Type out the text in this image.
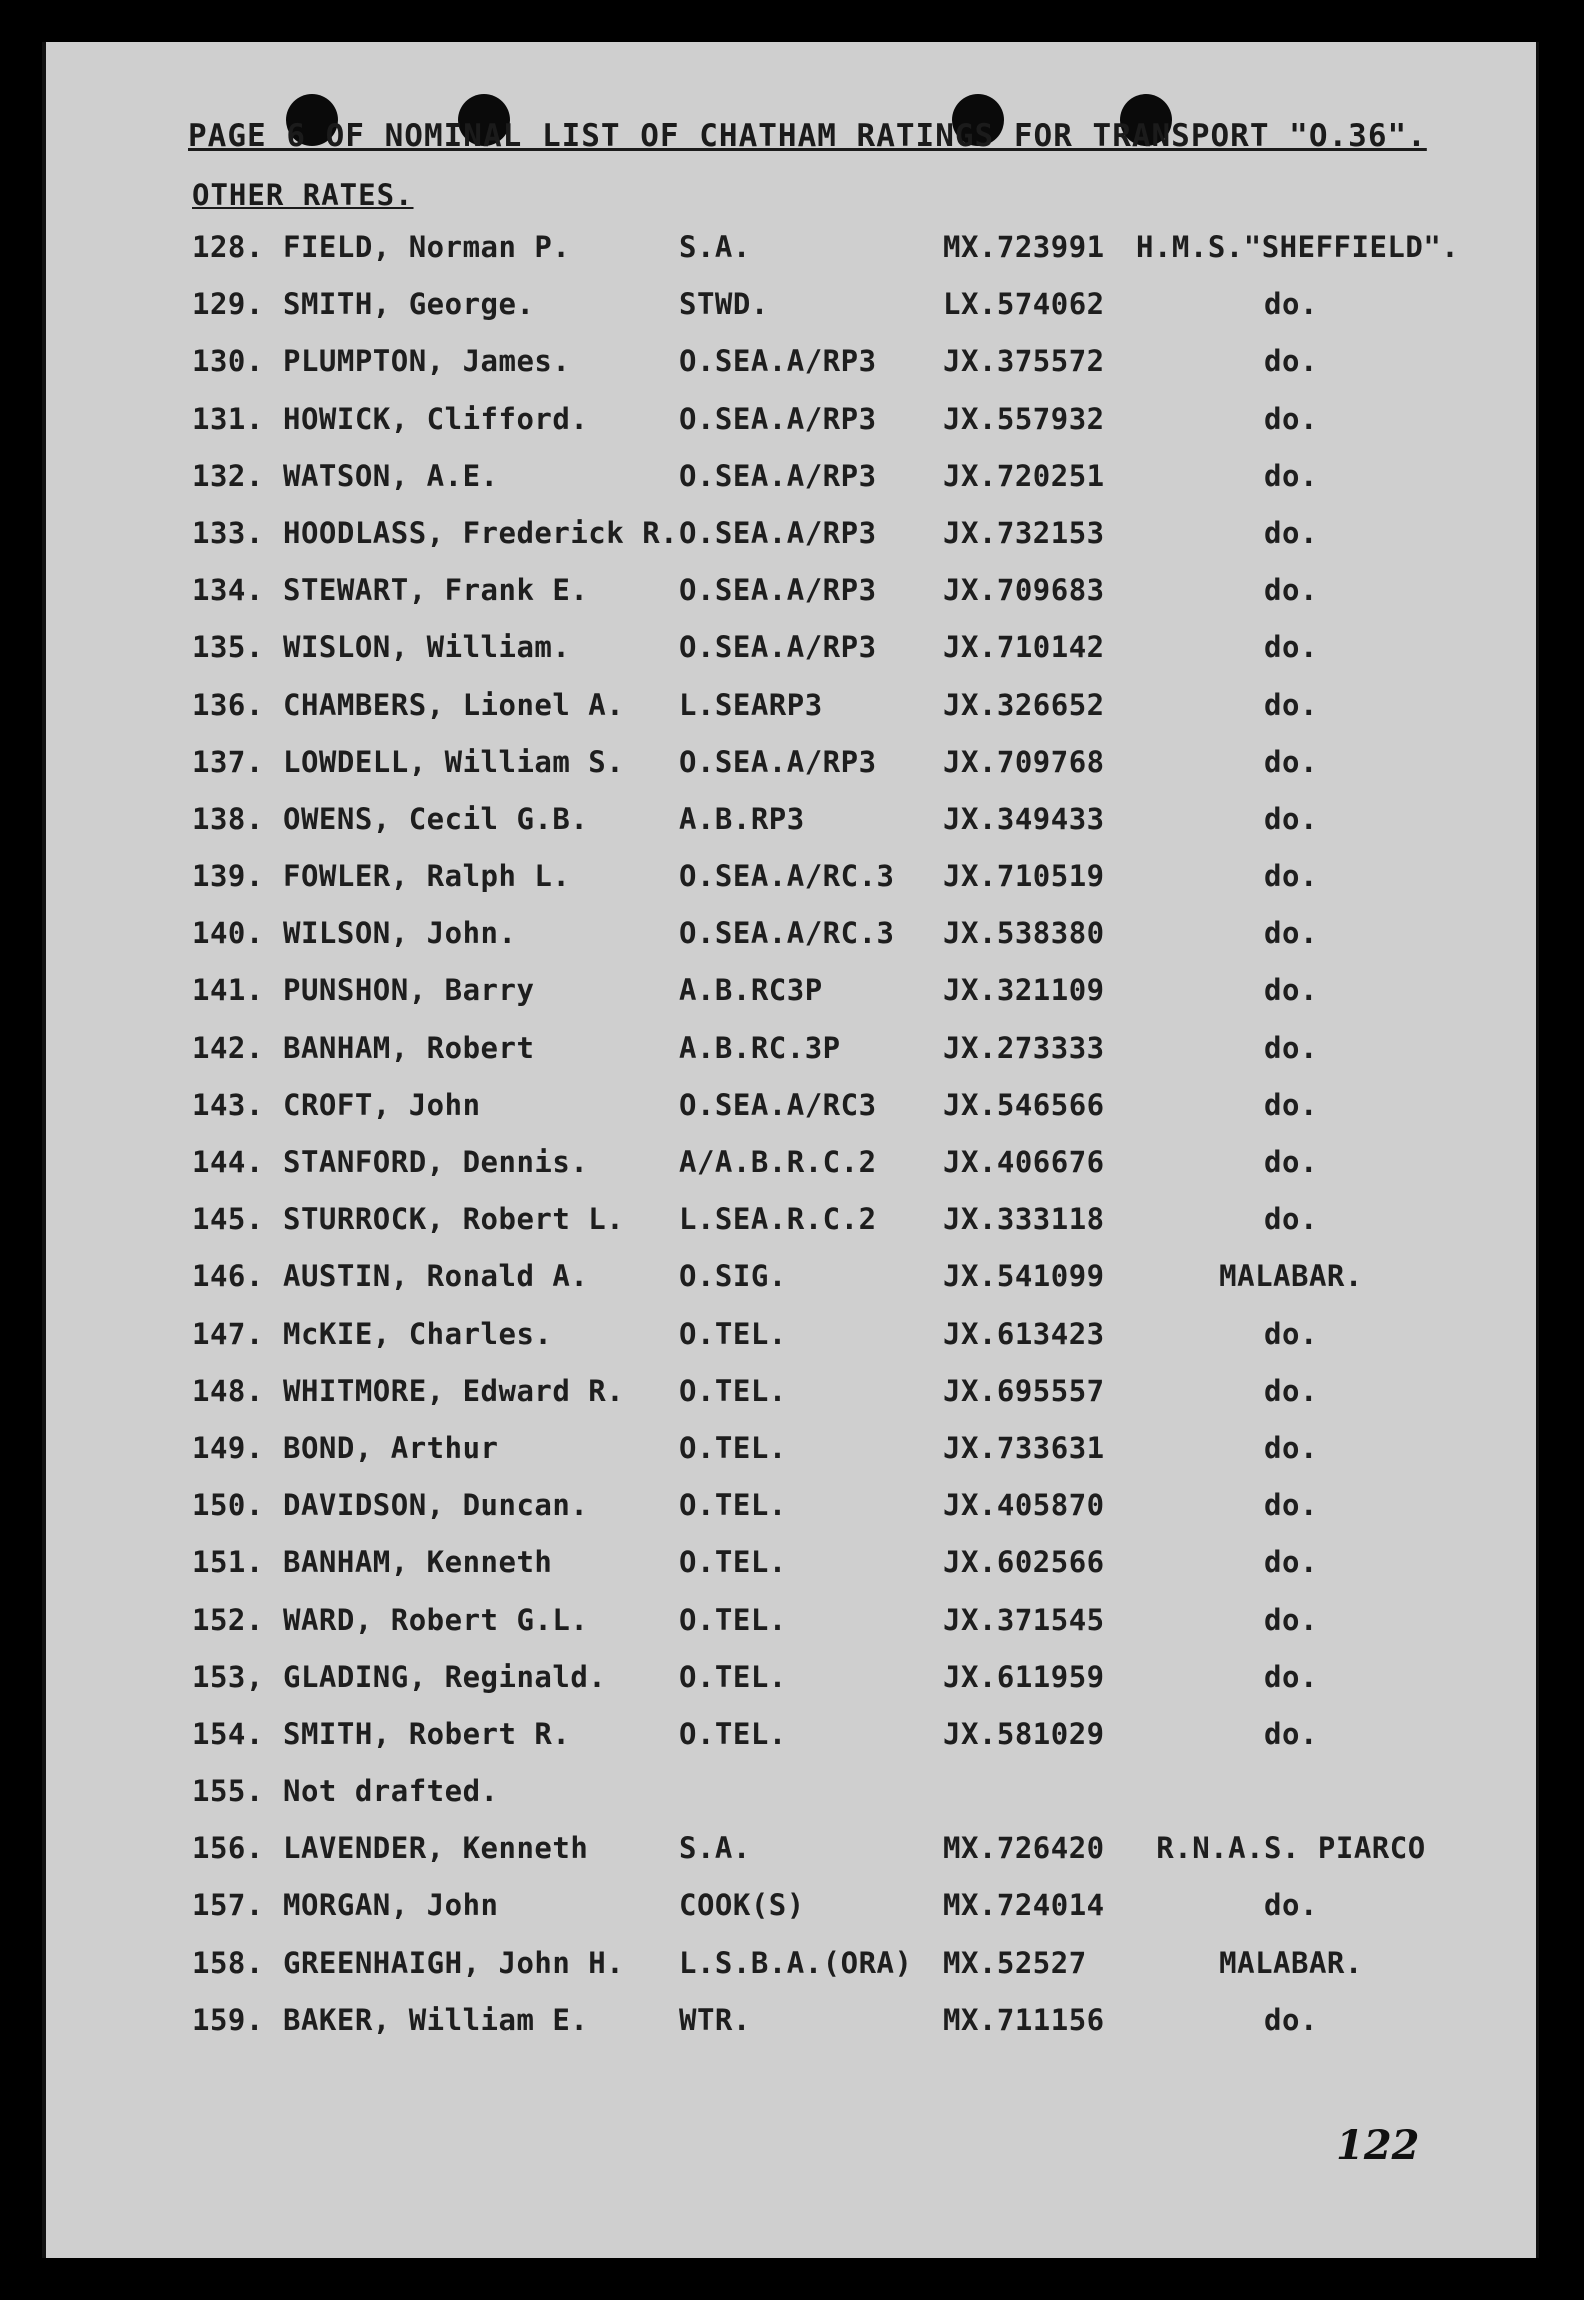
PAGE 6 OF NOMINAL LIST OF CHATHAM RATINGS FOR TRANSPORT "O.36".
OTHER RATES.
128. FIELD, Norman P.	S.A.	MX.723991 H.M.S."SHEFFIELD".
129. SMITH, George.	STWD.	LX.574062	do.
130. PLUMPTON, James.	O.SEA.A/RP3 JX.375572	do.
131. HOWICK, Clifford.	O.SEA.A/RP3 JX.557932	do.
132. WATSON, A.E.	O.SEA.A/RP3 JX.720251	do.
133. HOODLASS, Frederick R. O.SEA.A/RP3 JX.732153	do.
134. STEWART, Frank E.	O.SEA.A/RP3 JX.709683	do.
135. WISLON, William.	O.SEA.A/RP3 JX.710142	do.
136. CHAMBERS, Lionel A. L.SEARP3	JX.326652	do.
137. LOWDELL, William S. O.SEA.A/RP3 JX.709768	do.
138. OWENS, Cecil G.B.	A.B.RP3	JX.349433	do.
139. FOWLER, Ralph L.	O.SEA.A/RC.3 JX.710519	do.
140. WILSON, John.	O.SEA.A/RC.3 JX.538380	do.
141. PUNSHON, Barry	A.B.RC3P	JX.321109	do.
142. BANHAM, Robert	A.B.RC.3P	JX.273333	do.
143. CROFT, John	O.SEA.A/RC3 JX.546566	do.
144. STANFORD, Dennis.	A/A.B.R.C.2 JX.406676	do.
145. STURROCK, Robert L. L.SEA.R.C.2 JX.333118	do.
146. AUSTIN, Ronald A.	O.SIG.	JX.541099	MALABAR.
147. McKIE, Charles.	O.TEL.	JX.613423	do.
148. WHITMORE, Edward R. O.TEL.	JX.695557	do.
149. BOND, Arthur	O.TEL.	JX.733631	do.
150. DAVIDSON, Duncan.	O.TEL.	JX.405870	do.
151. BANHAM, Kenneth	O.TEL.	JX.602566	do.
152. WARD, Robert G.L.	O.TEL.	JX.371545	do.
153, GLADING, Reginald.	O.TEL.	JX.611959	do.
154. SMITH, Robert R.	O.TEL.	JX.581029	do.
155. Not drafted.
156. LAVENDER, Kenneth	S.A.	MX.726420	R.N.A.S. PIARCO
157. MORGAN, John	COOK(S)	MX.724014	do.
158. GREENHAIGH, John H. L.S.B.A.(ORA) MX.52527	MALABAR.
159. BAKER, William E.	WTR.	MX.711156	do.
122
